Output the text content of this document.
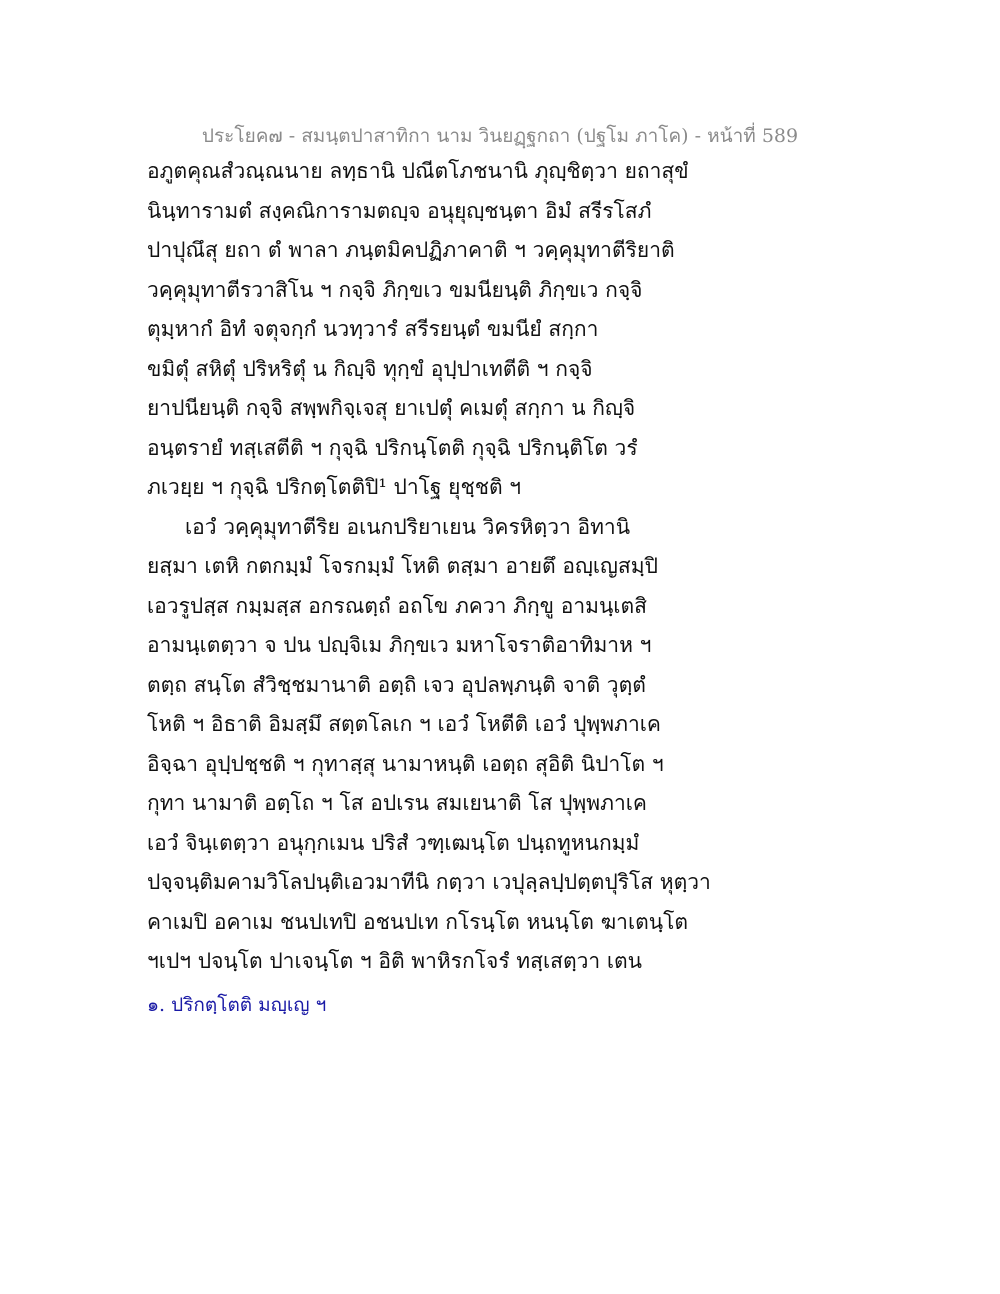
ประโยค๗ - สมนฺตปาสาทิกา นาม วินยฏฺฐกถา (ปฐโม ภาโค) - หน้าที่ 589
อภูตคุณสํวณฺณนาย ลทฺธานิ ปณีตโภชนานิ ภุญฺชิตฺวา ยถาสุขํ
นินฺทารามตํ สงฺคณิการามตญฺจ อนุยุญฺชนฺตา อิมํ สรีรโสภํ
ปาปุณึสุ ยถา ตํ พาลา ภนฺตมิคปฏิภาคาติ ฯ วคฺคุมุทาตีริยาติ
วคฺคุมุทาตีรวาสิโน ฯ กจฺจิ ภิกฺขเว ขมนียนฺติ ภิกฺขเว กจฺจิ
ตุมฺหากํ อิทํ จตุจกฺกํ นวทฺวารํ สรีรยนฺตํ ขมนียํ สกฺกา
ขมิตุํ สหิตุํ ปริหริตุํ น กิญฺจิ ทุกฺขํ อุปฺปาเทตีติ ฯ กจฺจิ
ยาปนียนฺติ กจฺจิ สพฺพกิจฺเจสุ ยาเปตุํ คเมตุํ สกฺกา น กิญฺจิ
อนฺตรายํ ทสฺเสตีติ ฯ กุจฺฉิ ปริกนฺโตติ กุจฺฉิ ปริกนฺติโต วรํ
ภเวยฺย ฯ กุจฺฉิ ปริกตฺโตติปิ¹ ปาโฐ ยุชฺชติ ฯ
เอวํ วคฺคุมุทาตีริย อเนกปริยาเยน วิครหิตฺวา อิทานิ
ยสฺมา เตหิ กตกมฺมํ โจรกมฺมํ โหติ ตสฺมา อายตึ อญฺเญสมฺปิ
เอวรูปสฺส กมฺมสฺส อกรณตฺถํ อถโข ภควา ภิกฺขู อามนฺเตสิ
อามนฺเตตฺวา จ ปน ปญฺจิเม ภิกฺขเว มหาโจราติอาทิมาห ฯ
ตตฺถ สนฺโต สํวิชฺชมานาติ อตฺถิ เจว อุปลพฺภนฺติ จาติ วุตฺตํ
โหติ ฯ อิธาติ อิมสฺมึ สตฺตโลเก ฯ เอวํ โหตีติ เอวํ ปุพฺพภาเค
อิจฺฉา อุปฺปชฺชติ ฯ กุทาสฺสุ นามาหนฺติ เอตฺถ สุอิติ นิปาโต ฯ
กุทา นามาติ อตฺโถ ฯ โส อปเรน สมเยนาติ โส ปุพฺพภาเค
เอวํ จินฺเตตฺวา อนุกฺกเมน ปริสํ วฑฺเฒนฺโต ปนฺถทูหนกมฺมํ
ปจฺจนฺติมคามวิโลปนฺติเอวมาทีนิ กตฺวา เวปุลฺลปฺปตฺตปุริโส หุตฺวา
คาเมปิ อคาเม ชนปเทปิ อชนปเท กโรนฺโต หนนฺโต ฆาเตนฺโต
ฯเปฯ ปจนฺโต ปาเจนฺโต ฯ อิติ พาหิรกโจรํ ทสฺเสตฺวา เตน
๑. ปริกตฺโตติ มญฺเญ ฯ
